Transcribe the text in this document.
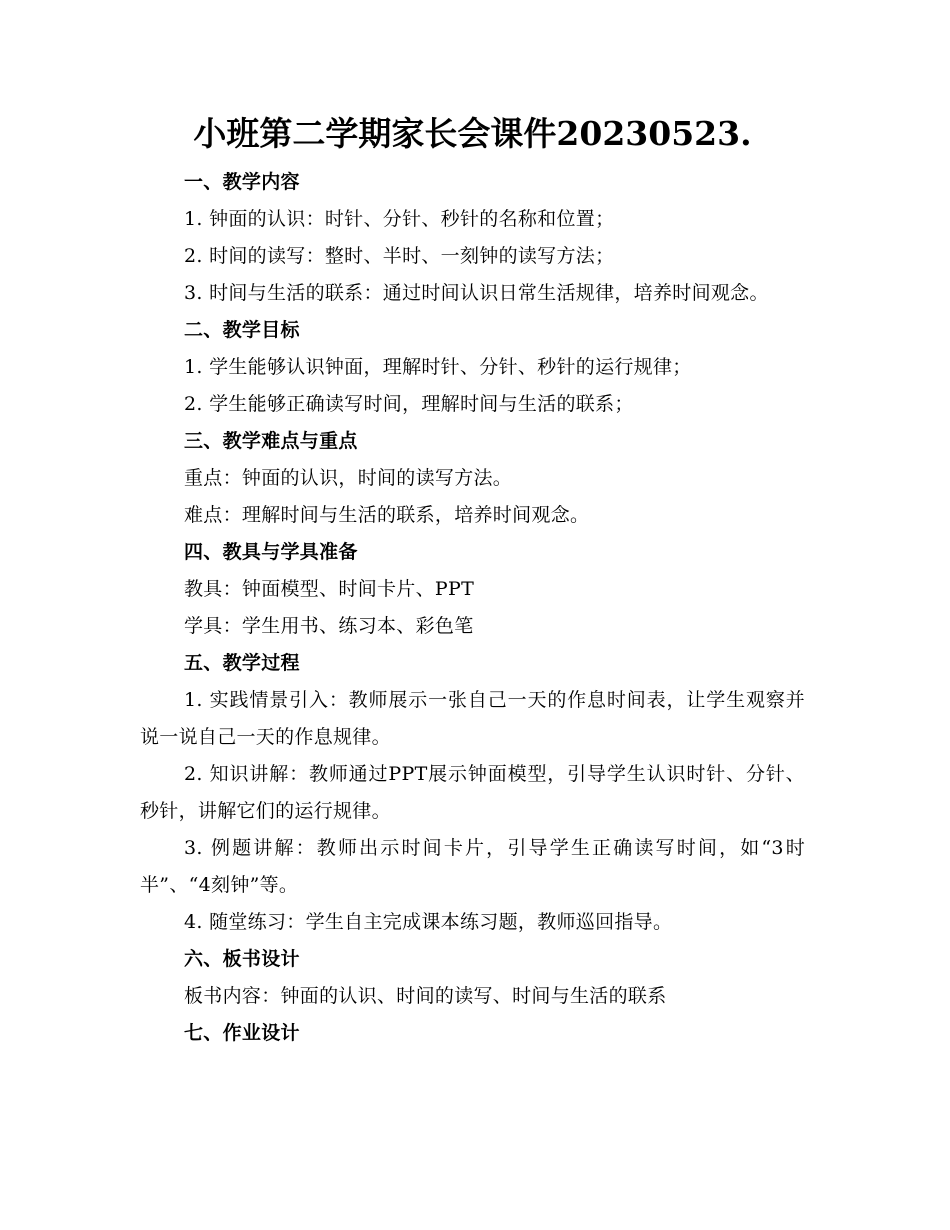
小班第二学期家长会课件20230523.

一、教学内容

1. 钟面的认识：时针、分针、秒针的名称和位置；

2. 时间的读写：整时、半时、一刻钟的读写方法；

3. 时间与生活的联系：通过时间认识日常生活规律，培养时间观念。

二、教学目标

1. 学生能够认识钟面，理解时针、分针、秒针的运行规律；

2. 学生能够正确读写时间，理解时间与生活的联系；

三、教学难点与重点

重点：钟面的认识，时间的读写方法。

难点：理解时间与生活的联系，培养时间观念。

四、教具与学具准备

教具：钟面模型、时间卡片、PPT

学具：学生用书、练习本、彩色笔

五、教学过程

1. 实践情景引入：教师展示一张自己一天的作息时间表，让学生观察并说一说自己一天的作息规律。

2. 知识讲解：教师通过PPT展示钟面模型，引导学生认识时针、分针、秒针，讲解它们的运行规律。

3. 例题讲解：教师出示时间卡片，引导学生正确读写时间，如“3时半”、“4刻钟”等。

4. 随堂练习：学生自主完成课本练习题，教师巡回指导。

六、板书设计

板书内容：钟面的认识、时间的读写、时间与生活的联系

七、作业设计
